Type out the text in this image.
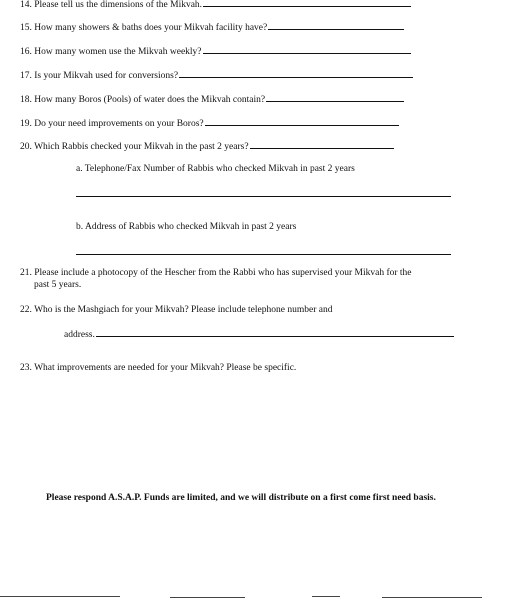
14. Please tell us the dimensions of the Mikvah.
15. How many showers & baths does your Mikvah facility have?
16. How many women use the Mikvah weekly?
17. Is your Mikvah used for conversions?
18. How many Boros (Pools) of water does the Mikvah contain?
19. Do your need improvements on your Boros?
20. Which Rabbis checked your Mikvah in the past 2 years?
a. Telephone/Fax Number of Rabbis who checked Mikvah in past 2 years
b. Address of Rabbis who checked Mikvah in past 2 years
21. Please include a photocopy of the Hescher from the Rabbi who has supervised your Mikvah for the
past 5 years.
22. Who is the Mashgiach for your Mikvah? Please include telephone number and
address.
23. What improvements are needed for your Mikvah? Please be specific.
Please respond A.S.A.P. Funds are limited, and we will distribute on a first come first need basis.
